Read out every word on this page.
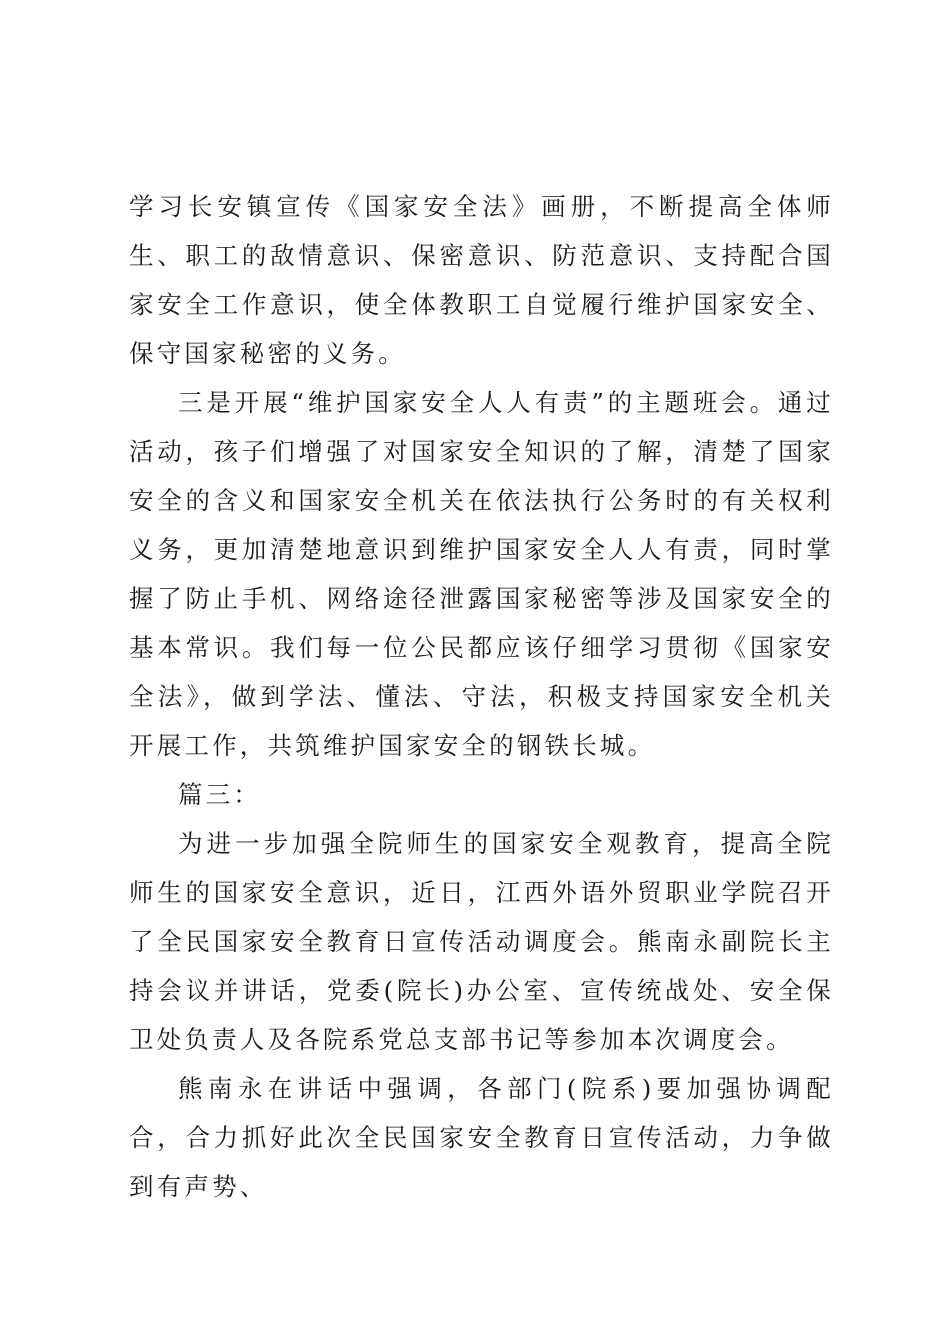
学习长安镇宣传《国家安全法》画册，不断提高全体师生、职工的敌情意识、保密意识、防范意识、支持配合国家安全工作意识，使全体教职工自觉履行维护国家安全、保守国家秘密的义务。

三是开展“维护国家安全人人有责”的主题班会。通过活动，孩子们增强了对国家安全知识的了解，清楚了国家安全的含义和国家安全机关在依法执行公务时的有关权利义务，更加清楚地意识到维护国家安全人人有责，同时掌握了防止手机、网络途径泄露国家秘密等涉及国家安全的基本常识。我们每一位公民都应该仔细学习贯彻《国家安全法》，做到学法、懂法、守法，积极支持国家安全机关开展工作，共筑维护国家安全的钢铁长城。

篇三：

为进一步加强全院师生的国家安全观教育，提高全院师生的国家安全意识，近日，江西外语外贸职业学院召开了全民国家安全教育日宣传活动调度会。熊南永副院长主持会议并讲话，党委(院长)办公室、宣传统战处、安全保卫处负责人及各院系党总支部书记等参加本次调度会。

熊南永在讲话中强调，各部门(院系)要加强协调配合，合力抓好此次全民国家安全教育日宣传活动，力争做到有声势、
